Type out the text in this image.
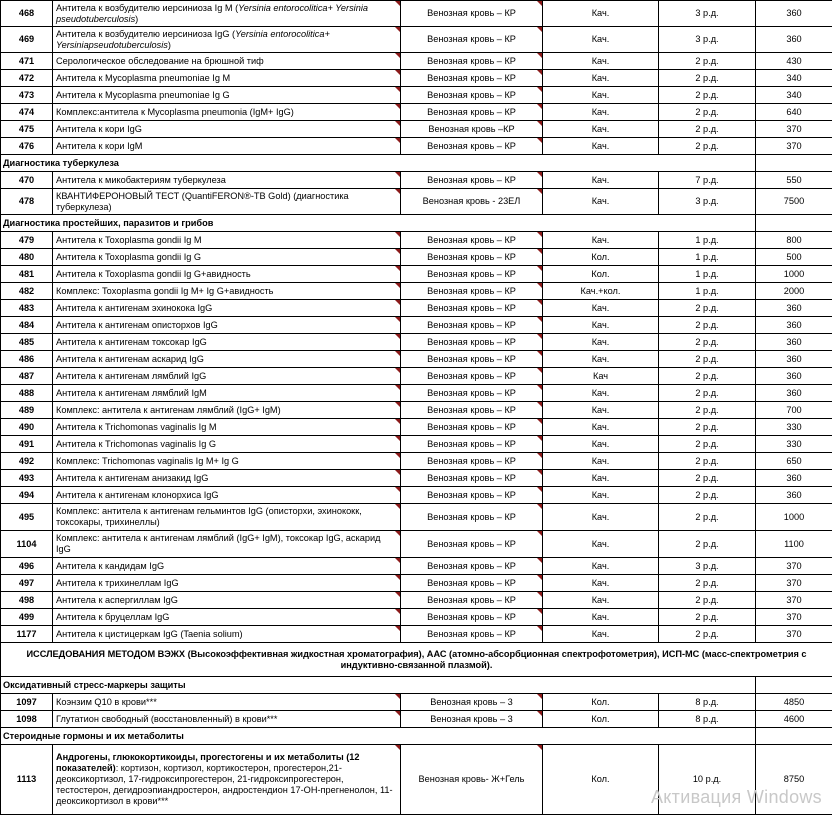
468	Антитела к возбудителю иерсиниоза Ig M (Yersinia entorocolitica+ Yersinia pseudotuberculosis)	Венозная кровь – КР	Кач.	3 р.д.	360
469	Антитела к возбудителю иерсиниоза IgG (Yersinia entorocolitica+ Yersiniapseudotuberculosis)	Венозная кровь – КР	Кач.	3 р.д.	360
471	Серологическое обследование на брюшной тиф	Венозная кровь – КР	Кач.	2 р.д.	430
472	Антитела к Mycoplasma pneumoniae Ig M	Венозная кровь – КР	Кач.	2 р.д.	340
473	Антитела к Mycoplasma pneumoniae Ig G	Венозная кровь – КР	Кач.	2 р.д.	340
474	Комплекс:антитела к Mycoplasma pneumonia (IgM+ IgG)	Венозная кровь – КР	Кач.	2 р.д.	640
475	Антитела к кори IgG	Венозная кровь –КР	Кач.	2 р.д.	370
476	Антитела к кори IgM	Венозная кровь – КР	Кач.	2 р.д.	370
Диагностика туберкулеза					
470	Антитела к микобактериям туберкулеза	Венозная кровь – КР	Кач.	7 р.д.	550
478	КВАНТИФЕРОНОВЫЙ ТЕСТ (QuantiFERON®-TB Gold) (диагностика туберкулеза)	Венозная кровь - 23ЕЛ	Кач.	3 р.д.	7500
Диагностика простейших, паразитов и грибов					
479	Антитела к Toxoplasma gondii Ig M	Венозная кровь – КР	Кач.	1 р.д.	800
480	Антитела к Toxoplasma gondii Ig G	Венозная кровь – КР	Кол.	1 р.д.	500
481	Антитела к Toxoplasma gondii Ig G+авидность	Венозная кровь – КР	Кол.	1 р.д.	1000
482	Комплекс: Toxoplasma gondii Ig M+ Ig G+авидность	Венозная кровь – КР	Кач.+кол.	1 р.д.	2000
483	Антитела к антигенам эхинокока IgG	Венозная кровь – КР	Кач.	2 р.д.	360
484	Антитела к антигенам описторхов IgG	Венозная кровь – КР	Кач.	2 р.д.	360
485	Антитела к антигенам токсокар IgG	Венозная кровь – КР	Кач.	2 р.д.	360
486	Антитела к антигенам аскарид IgG	Венозная кровь – КР	Кач.	2 р.д.	360
487	Антитела к антигенам лямблий IgG	Венозная кровь – КР	Кач	2 р.д.	360
488	Антитела к антигенам лямблий IgM	Венозная кровь – КР	Кач.	2 р.д.	360
489	Комплекс: антитела к антигенам лямблий (IgG+ IgM)	Венозная кровь – КР	Кач.	2 р.д.	700
490	Антитела к Trichomonas vaginalis Ig M	Венозная кровь – КР	Кач.	2 р.д.	330
491	Антитела к Trichomonas vaginalis Ig G	Венозная кровь – КР	Кач.	2 р.д.	330
492	Комплекс: Trichomonas vaginalis Ig M+ Ig G	Венозная кровь – КР	Кач.	2 р.д.	650
493	Антитела к антигенам анизакид IgG	Венозная кровь – КР	Кач.	2 р.д.	360
494	Антитела к антигенам клонорхиса IgG	Венозная кровь – КР	Кач.	2 р.д.	360
495	Комплекс: антитела к антигенам гельминтов IgG (описторхи, эхинококк, токсокары, трихинеллы)	Венозная кровь – КР	Кач.	2 р.д.	1000
1104	Комплекс: антитела к антигенам лямблий (IgG+ IgM), токсокар IgG, аскарид IgG	Венозная кровь – КР	Кач.	2 р.д.	1100
496	Антитела к кандидам IgG	Венозная кровь – КР	Кач.	3 р.д.	370
497	Антитела к трихинеллам IgG	Венозная кровь – КР	Кач.	2 р.д.	370
498	Антитела к аспергиллам IgG	Венозная кровь – КР	Кач.	2 р.д.	370
499	Антитела к бруцеллам IgG	Венозная кровь – КР	Кач.	2 р.д.	370
1177	Антитела к цистицеркам IgG (Taenia solium)	Венозная кровь – КР	Кач.	2 р.д.	370
ИССЛЕДОВАНИЯ МЕТОДОМ ВЭЖХ (Высокоэффективная жидкостная хроматография), ААС (атомно-абсорбционная спектрофотометрия), ИСП-МС (масс-спектрометрия с индуктивно-связанной плазмой).					
Оксидативный стресс-маркеры защиты					
1097	Коэнзим Q10 в крови***	Венозная кровь – 3	Кол.	8 р.д.	4850
1098	Глутатион свободный (восстановленный) в крови***	Венозная кровь – 3	Кол.	8 р.д.	4600
Стероидные гормоны и их метаболиты					
1113	Андрогены, глюкокортикоиды, прогестогены и их метаболиты (12 показателей): кортизон, кортизол, кортикостерон, прогестерон,21-деоксикортизол, 17-гидроксипрогестерон, 21-гидроксипрогестерон, тестостерон, дегидроэпиандростерон, андростендион 17-ОН-прегненолон, 11-деоксикортизол в крови***	Венозная кровь- Ж+Гель	Кол.	10 р.д.	8750
Активация Windows
